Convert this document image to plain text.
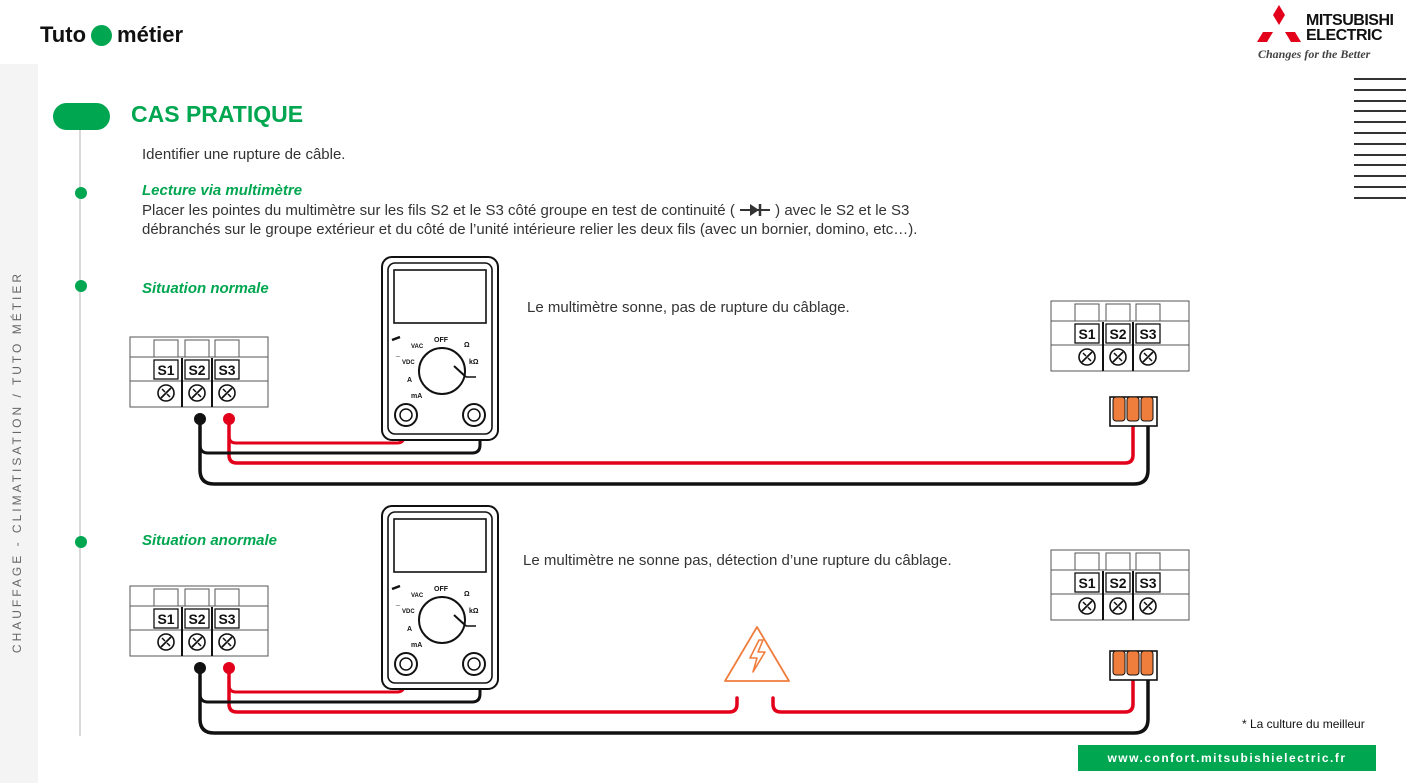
CHAUFFAGE - CLIMATISATION / TUTO MÉTIER
Tuto métier
MITSUBISHI
ELECTRIC
Changes for the Better
CAS PRATIQUE
Identifier une rupture de câble.
Lecture via multimètre
Placer les pointes du multimètre sur les fils S2 et le S3 côté groupe en test de continuité (	) avec le S2 et le S3
débranchés sur le groupe extérieur et du côté de l’unité intérieure relier les deux fils (avec un bornier, domino, etc…).
Situation normale
Le multimètre sonne, pas de rupture du câblage.
Situation anormale
Le multimètre ne sonne pas, détection d’une rupture du câblage.
‾‾
S1 S2 S3
OFF
Ω
VAC
VDC	kΩ
A
mA
S1 S2 S3
S1 S2 S3
OFF
Ω
VAC
VDC	kΩ
A
mA
S1 S2 S3
* La culture du meilleur
www.confort.mitsubishielectric.fr
